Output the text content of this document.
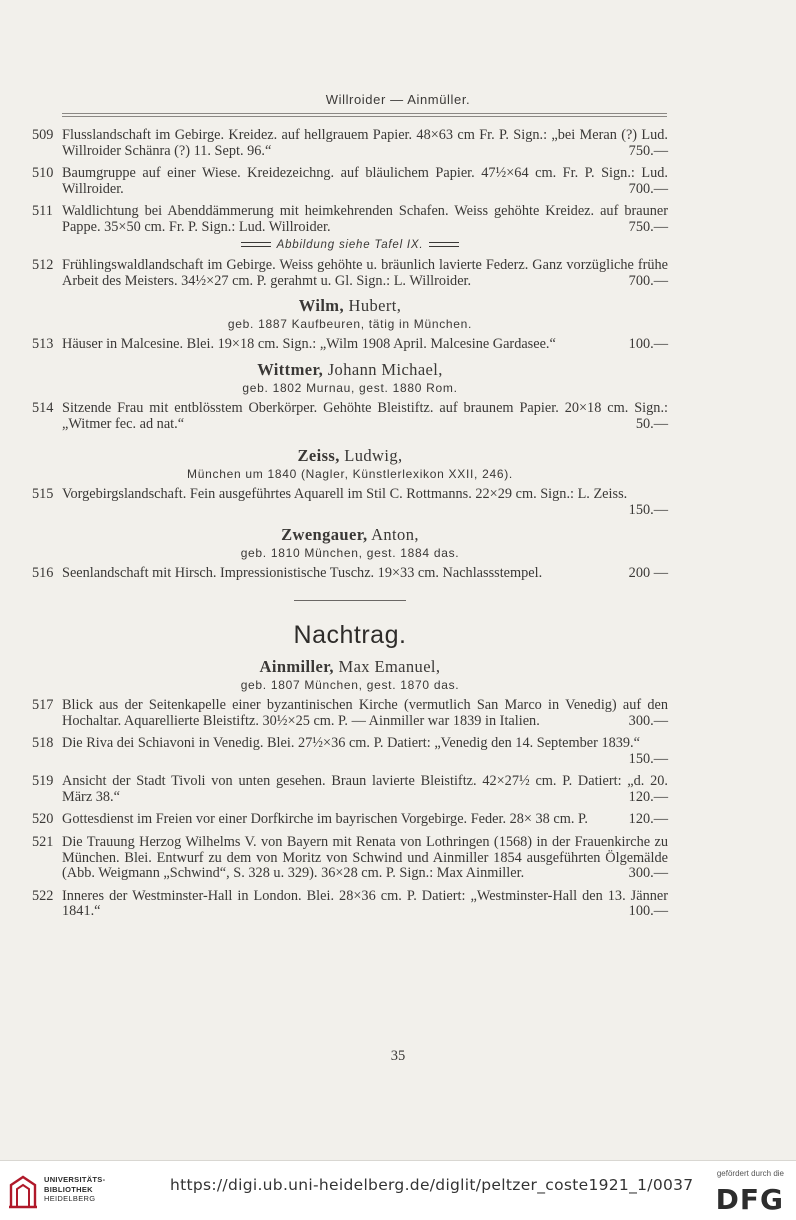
Willroider — Ainmüller.
509 Flusslandschaft im Gebirge. Kreidez. auf hellgrauem Papier. 48×63 cm Fr. P. Sign.: „bei Meran (?) Lud. Willroider Schänra (?) 11. Sept. 96.“	750.—
510 Baumgruppe auf einer Wiese. Kreidezeichng. auf bläulichem Papier. 47½×64 cm. Fr. P. Sign.: Lud. Willroider.	700.—
511 Waldlichtung bei Abenddämmerung mit heimkehrenden Schafen. Weiss gehöhte Kreidez. auf brauner Pappe. 35×50 cm. Fr. P. Sign.: Lud. Willroider.	750.—
Abbildung siehe Tafel IX.
512 Frühlingswaldlandschaft im Gebirge. Weiss gehöhte u. bräunlich lavierte Federz. Ganz vorzügliche frühe Arbeit des Meisters. 34½×27 cm. P. gerahmt u. Gl. Sign.: L. Willroider.	700.—
Wilm, Hubert,
geb. 1887 Kaufbeuren, tätig in München.
513 Häuser in Malcesine. Blei. 19×18 cm. Sign.: „Wilm 1908 April. Malcesine Gardasee.“	100.—
Wittmer, Johann Michael,
geb. 1802 Murnau, gest. 1880 Rom.
514 Sitzende Frau mit entblösstem Oberkörper. Gehöhte Bleistiftz. auf braunem Papier. 20×18 cm. Sign.: „Witmer fec. ad nat.“	50.—
Zeiss, Ludwig,
München um 1840 (Nagler, Künstlerlexikon XXII, 246).
515 Vorgebirgslandschaft. Fein ausgeführtes Aquarell im Stil C. Rottmanns. 22×29 cm. Sign.: L. Zeiss.
150.—
Zwengauer, Anton,
geb. 1810 München, gest. 1884 das.
516 Seenlandschaft mit Hirsch. Impressionistische Tuschz. 19×33 cm. Nachlassstempel.	200 —
Nachtrag.
Ainmiller, Max Emanuel,
geb. 1807 München, gest. 1870 das.
517 Blick aus der Seitenkapelle einer byzantinischen Kirche (vermutlich San Marco in Venedig) auf den Hochaltar. Aquarellierte Bleistiftz. 30½×25 cm. P. — Ainmiller war 1839 in Italien.	300.—
518 Die Riva dei Schiavoni in Venedig. Blei. 27½×36 cm. P. Datiert: „Venedig den 14. September 1839.“
150.—
519 Ansicht der Stadt Tivoli von unten gesehen. Braun lavierte Bleistiftz. 42×27½ cm. P. Datiert: „d. 20. März 38.“	120.—
520 Gottesdienst im Freien vor einer Dorfkirche im bayrischen Vorgebirge. Feder. 28× 38 cm. P.	120.—
521 Die Trauung Herzog Wilhelms V. von Bayern mit Renata von Lothringen (1568) in der Frauenkirche zu München. Blei. Entwurf zu dem von Moritz von Schwind und Ainmiller 1854 ausgeführten Ölgemälde (Abb. Weigmann „Schwind“, S. 328 u. 329). 36×28 cm. P. Sign.: Max Ainmiller.	300.—
522 Inneres der Westminster-Hall in London. Blei. 28×36 cm. P. Datiert: „Westminster-Hall den 13. Jänner 1841.“	100.—
35
UNIVERSITÄTS-
BIBLIOTHEK
HEIDELBERG
https://digi.ub.uni-heidelberg.de/diglit/peltzer_coste1921_1/0037
gefördert durch die
DFG
